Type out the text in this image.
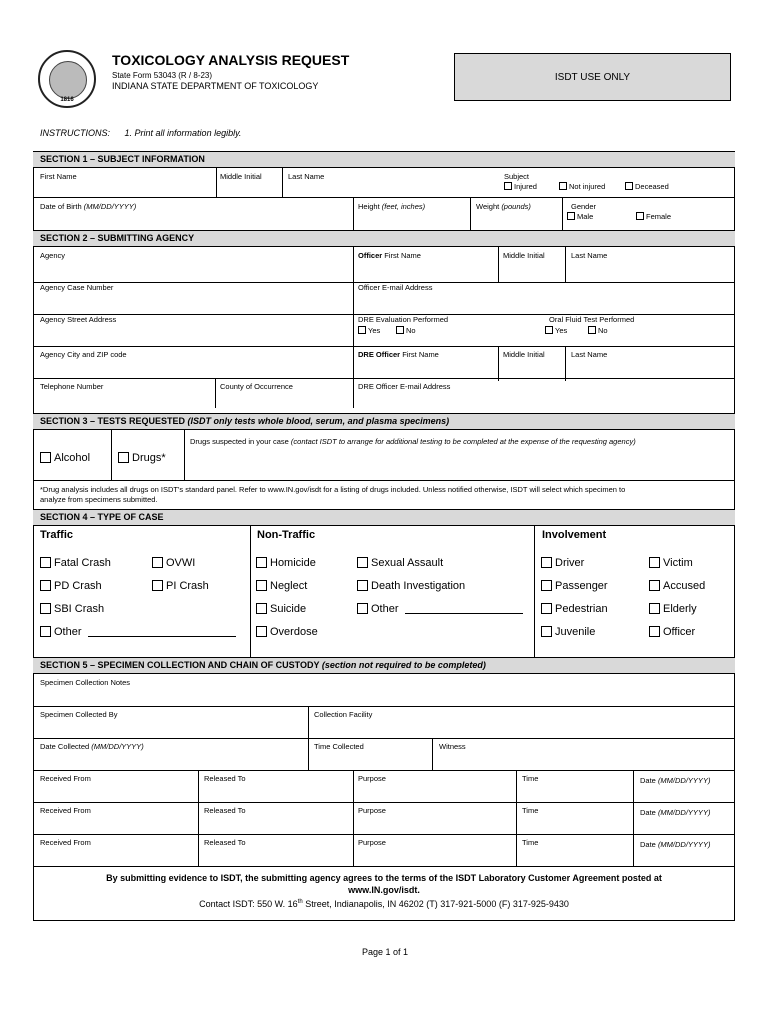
1816
TOXICOLOGY ANALYSIS REQUEST
State Form 53043 (R / 8-23)
INDIANA STATE DEPARTMENT OF TOXICOLOGY
ISDT USE ONLY
INSTRUCTIONS: 1. Print all information legibly.
SECTION 1 – SUBJECT INFORMATION
First Name	Middle Initial	Last Name	Subject
Injured	Not injured	Deceased
Date of Birth (MM/DD/YYYY)	Height (feet, inches)	Weight (pounds)	Gender
Male	Female
SECTION 2 – SUBMITTING AGENCY
Agency	Officer First Name	Middle Initial	Last Name
Agency Case Number	Officer E-mail Address
Agency Street Address	DRE Evaluation Performed
Yes	No
Oral Fluid Test Performed
Yes	No
Agency City and ZIP code	DRE Officer First Name	Middle Initial	Last Name
Telephone Number	County of Occurrence	DRE Officer E-mail Address
SECTION 3 – TESTS REQUESTED (ISDT only tests whole blood, serum, and plasma specimens)
Alcohol	Drugs*
Drugs suspected in your case (contact ISDT to arrange for additional testing to be completed at the expense of the requesting agency)
*Drug analysis includes all drugs on ISDT's standard panel. Refer to www.IN.gov/isdt for a listing of drugs included. Unless notified otherwise, ISDT will select which specimen to
analyze from specimens submitted.
SECTION 4 – TYPE OF CASE
Traffic	Non-Traffic	Involvement
Fatal Crash	OVWI
PD Crash	PI Crash
SBI Crash
Other
Homicide	Sexual Assault
Neglect	Death Investigation
Suicide	Other
Overdose
Driver	Victim
Passenger	Accused
Pedestrian	Elderly
Juvenile	Officer
SECTION 5 – SPECIMEN COLLECTION AND CHAIN OF CUSTODY (section not required to be completed)
Specimen Collection Notes
Specimen Collected By	Collection Facility
Date Collected (MM/DD/YYYY)	Time Collected	Witness
Received From	Released To	Purpose	Time	Date (MM/DD/YYYY)
Received From	Released To	Purpose	Time	Date (MM/DD/YYYY)
Received From	Released To	Purpose	Time	Date (MM/DD/YYYY)
By submitting evidence to ISDT, the submitting agency agrees to the terms of the ISDT Laboratory Customer Agreement posted at
www.IN.gov/isdt.
Contact ISDT: 550 W. 16th Street, Indianapolis, IN 46202 (T) 317-921-5000 (F) 317-925-9430
Page 1 of 1
